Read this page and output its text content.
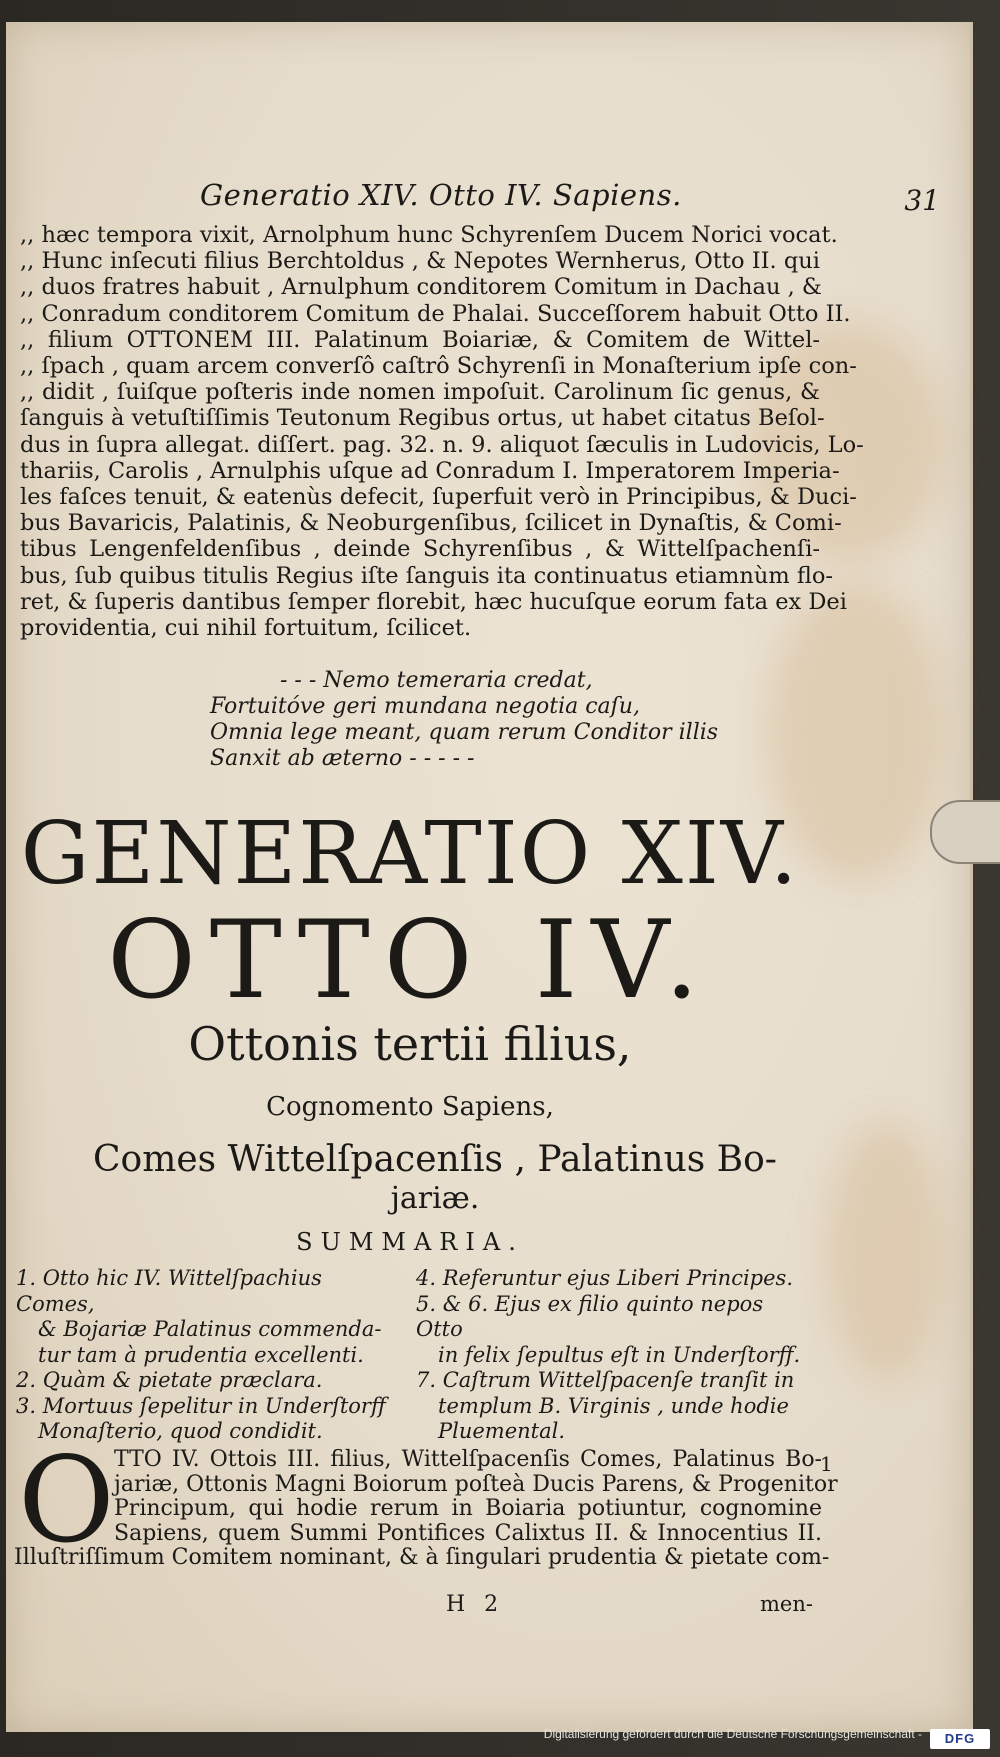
Generatio XIV. Otto IV. Sapiens.	31
,, hæc tempora vixit, Arnolphum hunc Schyrenſem Ducem Norici vocat.
,, Hunc inſecuti filius Berchtoldus , & Nepotes Wernherus, Otto II. qui
,, duos fratres habuit , Arnulphum conditorem Comitum in Dachau , &
,, Conradum conditorem Comitum de Phalai. Succeſſorem habuit Otto II.
,, filium OTTONEM III. Palatinum Boiariæ, & Comitem de Wittel-
,, ſpach , quam arcem converſô caſtrô Schyrenſi in Monaſterium ipſe con-
,, didit , ſuiſque poſteris inde nomen impoſuit. Carolinum ſic genus, &
ſanguis à vetuſtiſſimis Teutonum Regibus ortus, ut habet citatus Beſol-
dus in ſupra allegat. diſſert. pag. 32. n. 9. aliquot ſæculis in Ludovicis, Lo-
thariis, Carolis , Arnulphis uſque ad Conradum I. Imperatorem Imperia-
les faſces tenuit, & eatenùs defecit, ſuperfuit verò in Principibus, & Duci-
bus Bavaricis, Palatinis, & Neoburgenſibus, ſcilicet in Dynaſtis, & Comi-
tibus Lengenfeldenſibus , deinde Schyrenſibus , & Wittelſpachenſi-
bus, ſub quibus titulis Regius iſte ſanguis ita continuatus etiamnùm flo-
ret, & ſuperis dantibus ſemper florebit, hæc hucuſque eorum fata ex Dei
providentia, cui nihil fortuitum, ſcilicet.
- - - Nemo temeraria credat,
Fortuitóve geri mundana negotia caſu,
Omnia lege meant, quam rerum Conditor illis
Sanxit ab æterno - - - - -
GENERATIO XIV.
OTTO IV.
Ottonis tertii filius,
Cognomento Sapiens,
Comes Wittelſpacenſis , Palatinus Bo-
jariæ.
SUMMARIA.
1. Otto hic IV. Wittelſpachius Comes,
& Bojariæ Palatinus commenda-
tur tam à prudentia excellenti.
2. Quàm & pietate præclara.
3. Mortuus ſepelitur in Underſtorff
Monaſterio, quod condidit.
4. Referuntur ejus Liberi Principes.
5. & 6. Ejus ex filio quinto nepos Otto
in felix ſepultus eſt in Underſtorff.
7. Caſtrum Wittelſpacenſe tranſit in
templum B. Virginis , unde hodie
Pluemental.
O TTO IV. Ottois III. filius, Wittelſpacenſis Comes, Palatinus Bo-
jariæ, Ottonis Magni Boiorum poſteà Ducis Parens, & Progenitor
Principum, qui hodie rerum in Boiaria potiuntur, cognomine
Sapiens, quem Summi Pontifices Calixtus II. & Innocentius II.
Illuſtriſſimum Comitem nominant, & à ſingulari prudentia & pietate com-
1
H 2	men-
Digitalisierung gefördert durch die Deutsche Forschungsgemeinschaft -	DFG
